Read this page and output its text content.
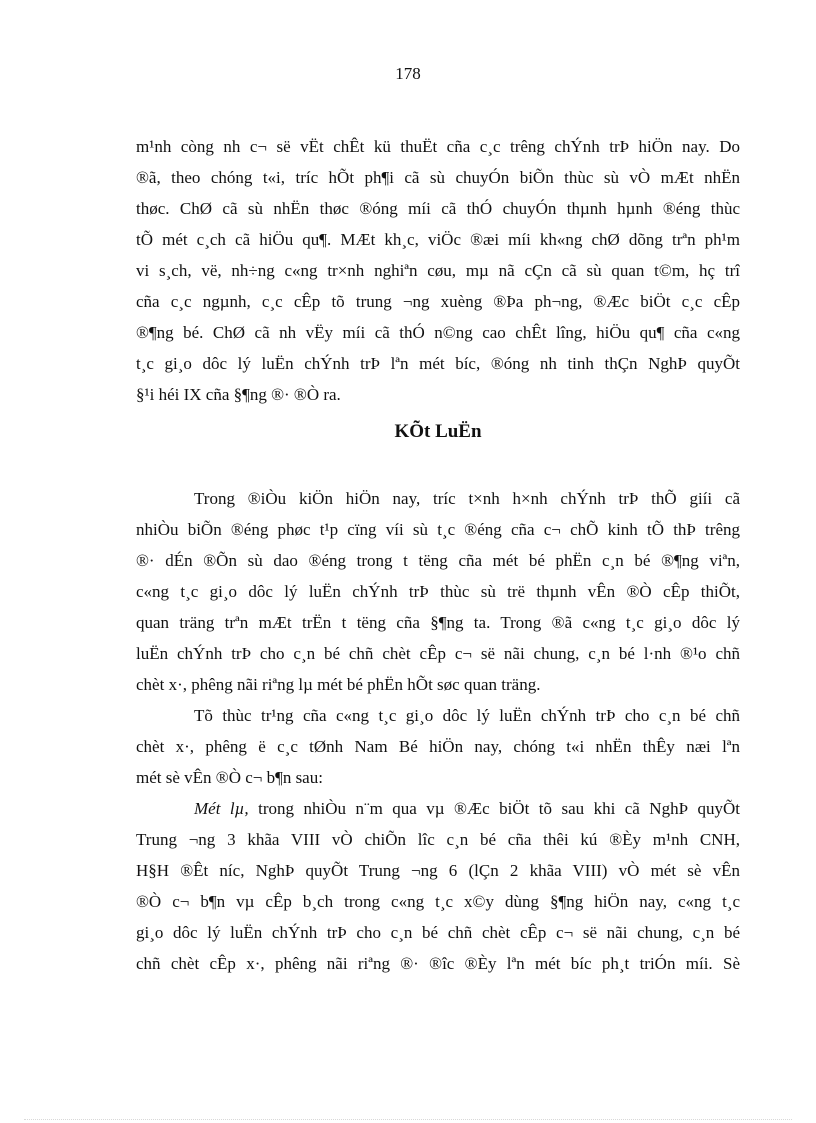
178
m¹nh còng nh c¬ së vËt chÊt kü thuËt cña c¸c trêng chÝnh trÞ hiÖn nay. Do
®ã, theo chóng t«i, tríc hÕt ph¶i cã sù chuyÓn biÕn thùc sù vÒ mÆt nhËn
thøc. ChØ cã sù nhËn thøc ®óng míi cã thÓ chuyÓn thµnh hµnh ®éng thùc
tÕ mét c¸ch cã hiÖu qu¶. MÆt kh¸c, viÖc ®æi míi kh«ng chØ dõng trªn ph¹m
vi s¸ch, vë, nh÷ng c«ng tr×nh nghiªn cøu, mµ nã cÇn cã sù quan t©m, hç trî
cña c¸c ngµnh, c¸c cÊp tõ trung ¬ng xuèng ®Þa ph¬ng, ®Æc biÖt c¸c cÊp
®¶ng bé. ChØ cã nh vËy míi cã thÓ n©ng cao chÊt lîng, hiÖu qu¶ cña c«ng
t¸c gi¸o dôc lý luËn chÝnh trÞ lªn mét bíc, ®óng nh tinh thÇn NghÞ quyÕt
§¹i héi IX cña §¶ng ®· ®Ò ra.
KÕt LuËn
Trong ®iÒu kiÖn hiÖn nay, tríc t×nh h×nh chÝnh trÞ thÕ giíi cã
nhiÒu biÕn ®éng phøc t¹p cïng víi sù t¸c ®éng cña c¬ chÕ kinh tÕ thÞ trêng
®· dÉn ®Õn sù dao ®éng trong t tëng cña mét bé phËn c¸n bé ®¶ng viªn,
c«ng t¸c gi¸o dôc lý luËn chÝnh trÞ thùc sù trë thµnh vÊn ®Ò cÊp thiÕt,
quan träng trªn mÆt trËn t tëng cña §¶ng ta. Trong ®ã c«ng t¸c gi¸o dôc lý
luËn chÝnh trÞ cho c¸n bé chñ chèt cÊp c¬ së nãi chung, c¸n bé l·nh ®¹o chñ
chèt x·, phêng nãi riªng lµ mét bé phËn hÕt søc quan träng.
Tõ thùc tr¹ng cña c«ng t¸c gi¸o dôc lý luËn chÝnh trÞ cho c¸n bé chñ
chèt x·, phêng ë c¸c tØnh Nam Bé hiÖn nay, chóng t«i nhËn thÊy næi lªn
mét sè vÊn ®Ò c¬ b¶n sau:
Mét lµ, trong nhiÒu n¨m qua vµ ®Æc biÖt tõ sau khi cã NghÞ quyÕt
Trung ¬ng 3 khãa VIII vÒ chiÕn lîc c¸n bé cña thêi kú ®Èy m¹nh CNH,
H§H ®Êt níc, NghÞ quyÕt Trung ¬ng 6 (lÇn 2 khãa VIII) vÒ mét sè vÊn
®Ò c¬ b¶n vµ cÊp b¸ch trong c«ng t¸c x©y dùng §¶ng hiÖn nay, c«ng t¸c
gi¸o dôc lý luËn chÝnh trÞ cho c¸n bé chñ chèt cÊp c¬ së nãi chung, c¸n bé
chñ chèt cÊp x·, phêng nãi riªng ®· ®îc ®Èy lªn mét bíc ph¸t triÓn míi. Sè
